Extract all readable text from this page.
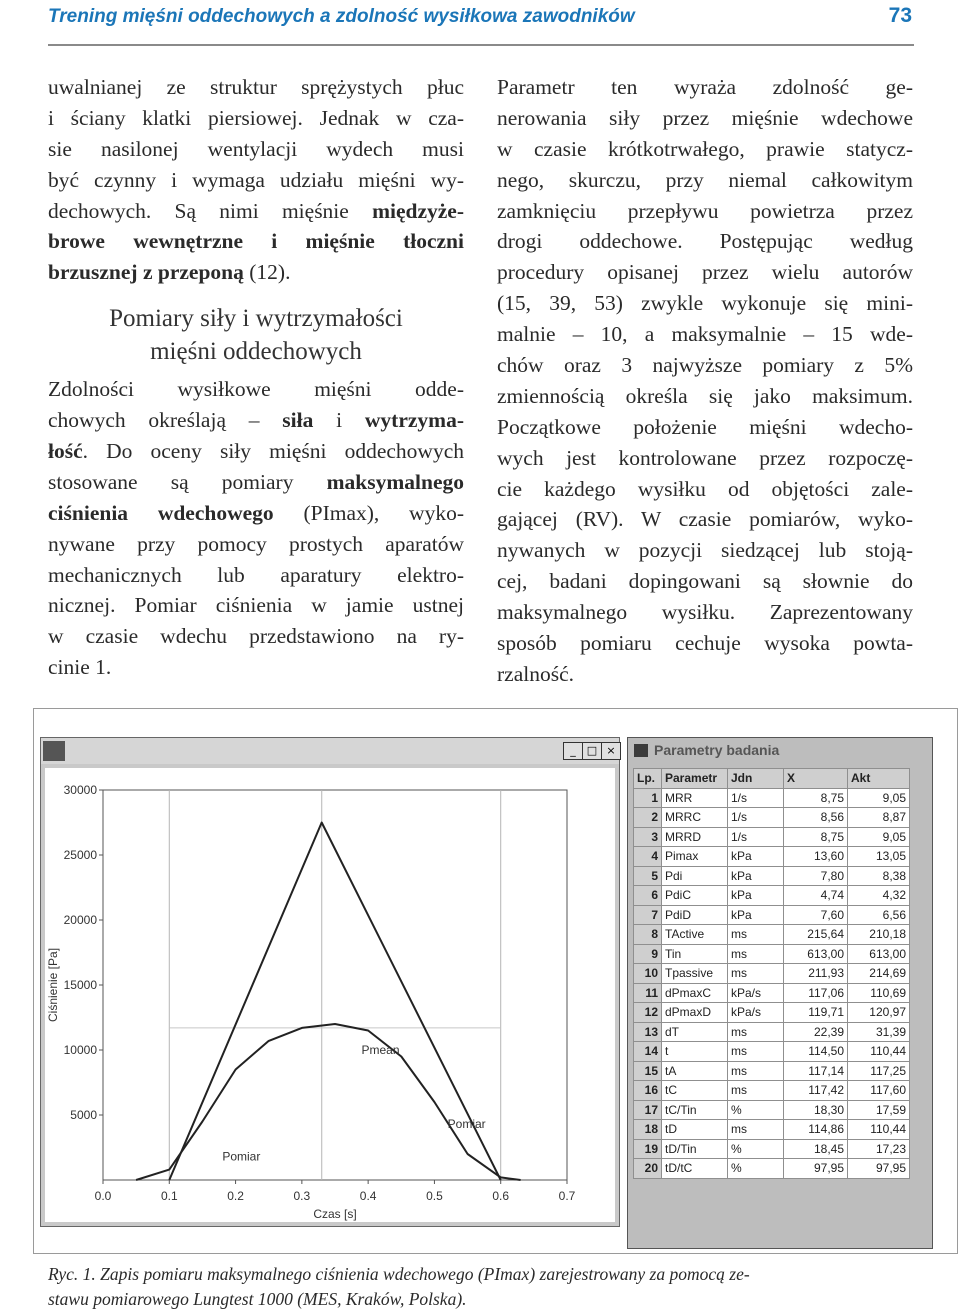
Trening mięśni oddechowych a zdolność wysiłkowa zawodników	73
uwalnianej ze struktur sprężystych płuc
i ściany klatki piersiowej. Jednak w cza-
sie nasilonej wentylacji wydech musi
być czynny i wymaga udziału mięśni wy-
dechowych. Są nimi mięśnie międzyże-
browe wewnętrzne i mięśnie tłoczni
brzusznej z przeponą (12).
Pomiary siły i wytrzymałości
mięśni oddechowych
Zdolności wysiłkowe mięśni odde-
chowych określają – siła i wytrzyma-
łość. Do oceny siły mięśni oddechowych
stosowane są pomiary maksymalnego
ciśnienia wdechowego (PImax), wyko-
nywane przy pomocy prostych aparatów
mechanicznych lub aparatury elektro-
nicznej. Pomiar ciśnienia w jamie ustnej
w czasie wdechu przedstawiono na ry-
cinie 1.
Parametr ten wyraża zdolność ge-
nerowania siły przez mięśnie wdechowe
w czasie krótkotrwałego, prawie statycz-
nego, skurczu, przy niemal całkowitym
zamknięciu przepływu powietrza przez
drogi oddechowe. Postępując według
procedury opisanej przez wielu autorów
(15, 39, 53) zwykle wykonuje się mini-
malnie – 10, a maksymalnie – 15 wde-
chów oraz 3 najwyższe pomiary z 5%
zmiennością określa się jako maksimum.
Początkowe położenie mięśni wdecho-
wych jest kontrolowane przez rozpoczę-
cie każdego wysiłku od objętości zale-
gającej (RV). W czasie pomiarów, wyko-
nywanych w pozycji siedzącej lub stoją-
cej, badani dopingowani są słownie do
maksymalnego wysiłku. Zaprezentowany
sposób pomiaru cechuje wysoka powta-
rzalność.
_	□ ×
5000
10000
15000
20000
25000
30000
0.0	0.1	0.2	0.3	0.4	0.5	0.6	0.7
Pomiar
Pmean
Pomiar
Czas [s]
Ciśnienie [Pa]
Parametry badania
Lp.	Parametr	Jdn	X	Akt
1	MRR	1/s	8,75	9,05
2	MRRC	1/s	8,56	8,87
3	MRRD	1/s	8,75	9,05
4	Pimax	kPa	13,60	13,05
5	Pdi	kPa	7,80	8,38
6	PdiC	kPa	4,74	4,32
7	PdiD	kPa	7,60	6,56
8	TActive	ms	215,64	210,18
9	Tin	ms	613,00	613,00
10	Tpassive	ms	211,93	214,69
11	dPmaxC	kPa/s	117,06	110,69
12	dPmaxD	kPa/s	119,71	120,97
13	dT	ms	22,39	31,39
14	t	ms	114,50	110,44
15	tA	ms	117,14	117,25
16	tC	ms	117,42	117,60
17	tC/Tin	%	18,30	17,59
18	tD	ms	114,86	110,44
19	tD/Tin	%	18,45	17,23
20	tD/tC	%	97,95	97,95
Ryc. 1. Zapis pomiaru maksymalnego ciśnienia wdechowego (PImax) zarejestrowany za pomocą ze-
stawu pomiarowego Lungtest 1000 (MES, Kraków, Polska).
